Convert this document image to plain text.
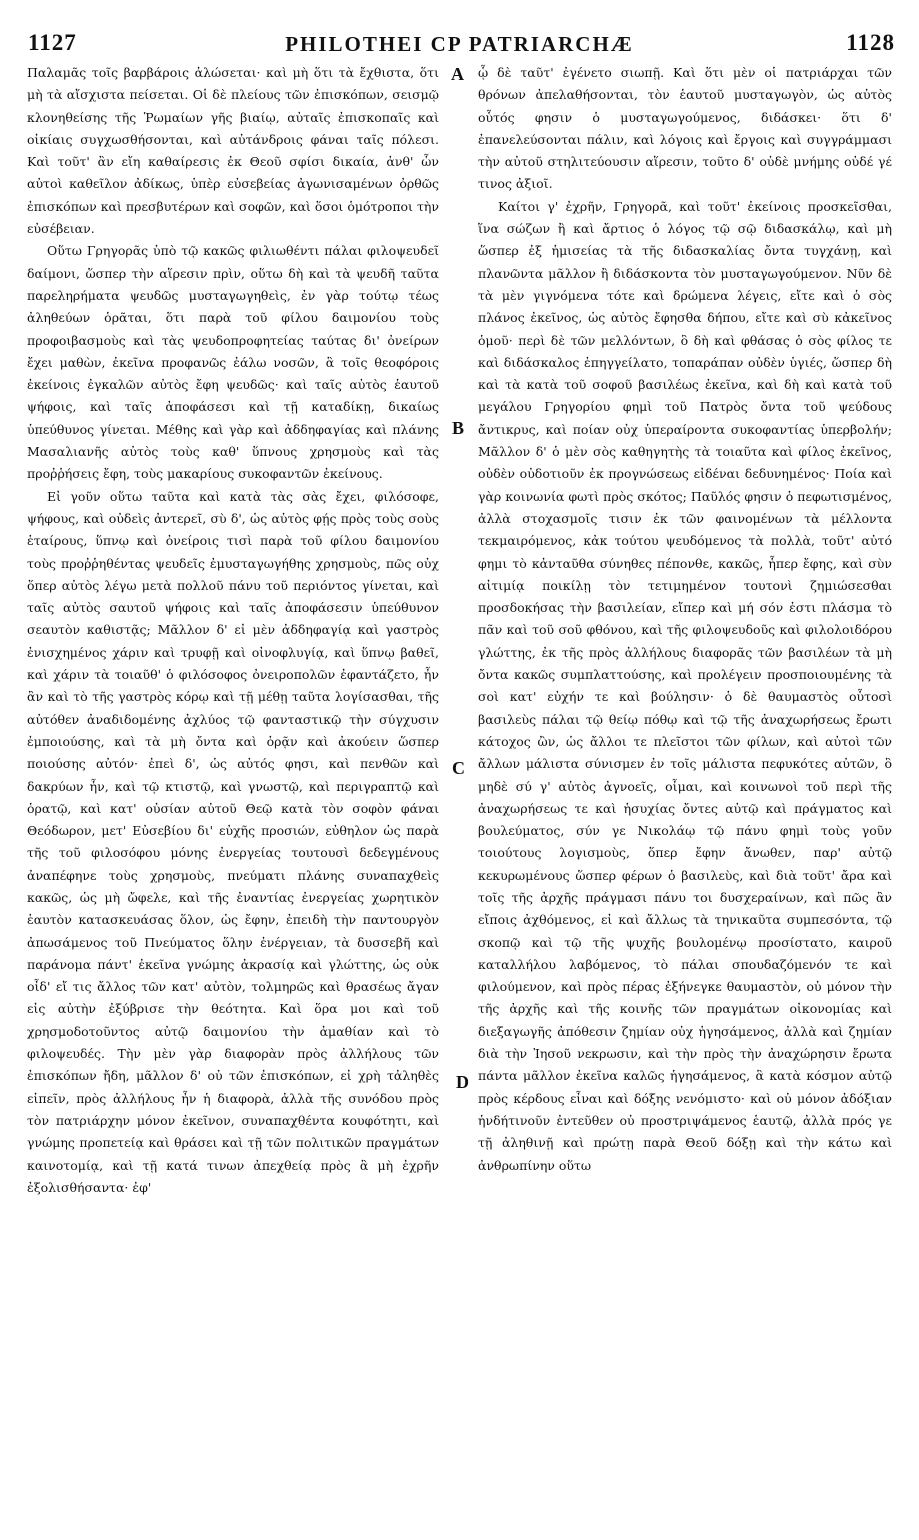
1127	PHILOTHEI CP PATRIARCHÆ	1128

Παλαμᾶς τοῖς βαρβάροις ἁλώσεται· καὶ μὴ ὅτι τὰ ἔχθιστα, ὅτι μὴ τὰ αἴσχιστα πείσεται. Οἱ δὲ πλείους τῶν ἐπισκόπων, σεισμῷ κλονηθείσης τῆς Ῥωμαίων γῆς βιαίῳ, αὐταῖς ἐπισκοπαῖς καὶ οἰκίαις συγχωσθήσονται, καὶ αὐτάνδροις φάναι ταῖς πόλεσι. Καὶ τοῦτ' ἂν εἴη καθαίρεσις ἐκ Θεοῦ σφίσι δικαία, ἀνθ' ὧν αὐτοὶ καθεῖλον ἀδίκως, ὑπὲρ εὐσεβείας ἀγωνισαμένων ὀρθῶς ἐπισκόπων καὶ πρεσβυτέρων καὶ σοφῶν, καὶ ὅσοι ὁμότροποι τὴν εὐσέβειαν.

Οὕτω Γρηγορᾶς ὑπὸ τῷ κακῶς φιλιωθέντι πάλαι φιλοψευδεῖ δαίμονι, ὥσπερ τὴν αἵρεσιν πρὶν, οὕτω δὴ καὶ τὰ ψευδῆ ταῦτα παρεληρήματα ψευδῶς μυσταγωγηθεὶς, ἐν γὰρ τούτῳ τέως ἀληθεύων ὁρᾶται, ὅτι παρὰ τοῦ φίλου δαιμονίου τοὺς προφοιβασμοὺς καὶ τὰς ψευδοπροφητείας ταύτας δι' ὀνείρων ἔχει μαθὼν, ἐκεῖνα προφανῶς ἐάλω νοσῶν, ἃ τοῖς θεοφόροις ἐκείνοις ἐγκαλῶν αὐτὸς ἔφη ψευδῶς· καὶ ταῖς αὐτὸς ἑαυτοῦ ψήφοις, καὶ ταῖς ἀποφάσεσι καὶ τῇ καταδίκῃ, δικαίως ὑπεύθυνος γίνεται. Μέθης καὶ γὰρ καὶ ἀδδηφαγίας καὶ πλάνης Μασαλιανῆς αὐτὸς τοὺς καθ' ὕπνους χρησμοὺς καὶ τὰς προῤῥήσεις ἔφη, τοὺς μακαρίους συκοφαντῶν ἐκείνους.

Εἰ γοῦν οὕτω ταῦτα καὶ κατὰ τὰς σὰς ἔχει, φιλόσοφε, ψήφους, καὶ οὐδεὶς ἀντερεῖ, σὺ δ', ὡς αὐτὸς φῄς πρὸς τοὺς σοὺς ἑταίρους, ὕπνῳ καὶ ὀνείροις τισὶ παρὰ τοῦ φίλου δαιμονίου τοὺς προῤῥηθέντας ψευδεῖς ἐμυσταγωγήθης χρησμοὺς, πῶς οὐχ ὅπερ αὐτὸς λέγω μετὰ πολλοῦ πάνυ τοῦ περιόντος γίνεται, καὶ ταῖς αὐτὸς σαυτοῦ ψήφοις καὶ ταῖς ἀποφάσεσιν ὑπεύθυνον σεαυτὸν καθιστᾷς; Μᾶλλον δ' εἰ μὲν ἀδδηφαγίᾳ καὶ γαστρὸς ἐνισχημένος χάριν καὶ τρυφῇ καὶ οἰνοφλυγίᾳ, καὶ ὕπνῳ βαθεῖ, καὶ χάριν τὰ τοιαῦθ' ὁ φιλόσοφος ὀνειροπολῶν ἐφαντάζετο, ἦν ἂν καὶ τὸ τῆς γαστρὸς κόρῳ καὶ τῇ μέθῃ ταῦτα λογίσασθαι, τῆς αὐτόθεν ἀναδιδομένης ἀχλύος τῷ φανταστικῷ τὴν σύγχυσιν ἐμποιούσης, καὶ τὰ μὴ ὄντα καὶ ὁρᾷν καὶ ἀκούειν ὥσπερ ποιούσης αὐτόν· ἐπεὶ δ', ὡς αὐτός φησι, καὶ πενθῶν καὶ δακρύων ἦν, καὶ τῷ κτιστῷ, καὶ γνωστῷ, καὶ περιγραπτῷ καὶ ὁρατῷ, καὶ κατ' οὐσίαν αὐτοῦ Θεῷ κατὰ τὸν σοφὸν φάναι Θεόδωρον, μετ' Εὐσεβίου δι' εὐχῆς προσιών, εὐθηλον ὡς παρὰ τῆς τοῦ φιλοσόφου μόνης ἐνεργείας τουτουσὶ δεδεγμένους ἀναπέφηνε τοὺς χρησμοὺς, πνεύματι πλάνης συναπαχθεὶς κακῶς, ὡς μὴ ὤφελε, καὶ τῆς ἐναντίας ἐνεργείας χωρητικὸν ἑαυτὸν κατασκευάσας ὅλον, ὡς ἔφην, ἐπειδὴ τὴν παντουργὸν ἀπωσάμενος τοῦ Πνεύματος ὅλην ἐνέργειαν, τὰ δυσσεβῆ καὶ παράνομα πάντ' ἐκεῖνα γνώμης ἀκρασίᾳ καὶ γλώττης, ὡς οὐκ οἶδ' εἴ τις ἄλλος τῶν κατ' αὐτὸν, τολμηρῶς καὶ θρασέως ἄγαν εἰς αὐτὴν ἐξύβρισε τὴν θεότητα. Καὶ ὅρα μοι καὶ τοῦ χρησμοδοτοῦντος αὐτῷ δαιμονίου τὴν ἀμαθίαν καὶ τὸ φιλοψευδές. Τὴν μὲν γὰρ διαφορὰν πρὸς ἀλλήλους τῶν ἐπισκόπων ἤδη, μᾶλλον δ' οὐ τῶν ἐπισκόπων, εἰ χρὴ τἀληθὲς εἰπεῖν, πρὸς ἀλλήλους ἦν ἡ διαφορὰ, ἀλλὰ τῆς συνόδου πρὸς τὸν πατριάρχην μόνον ἐκεῖνον, συναπαχθέντα κουφότητι, καὶ γνώμης προπετείᾳ καὶ θράσει καὶ τῇ τῶν πολιτικῶν πραγμάτων καινοτομίᾳ, καὶ τῇ κατά τινων ἀπεχθείᾳ πρὸς ἃ μὴ ἐχρῆν ἐξολισθήσαντα· ἐφ'

A
B
C
D

ᾧ δὲ ταῦτ' ἐγένετο σιωπῇ. Καὶ ὅτι μὲν οἱ πατριάρχαι τῶν θρόνων ἀπελαθήσονται, τὸν ἑαυτοῦ μυσταγωγὸν, ὡς αὐτὸς οὗτός φησιν ὁ μυσταγωγούμενος, διδάσκει· ὅτι δ' ἐπανελεύσονται πάλιν, καὶ λόγοις καὶ ἔργοις καὶ συγγράμμασι τὴν αὐτοῦ στηλιτεύουσιν αἵρεσιν, τοῦτο δ' οὐδὲ μνήμης οὐδέ γέ τινος ἀξιοῖ.

Καίτοι γ' ἐχρῆν, Γρηγορᾶ, καὶ τοῦτ' ἐκείνοις προσκεῖσθαι, ἵνα σώζων ἢ καὶ ἄρτιος ὁ λόγος τῷ σῷ διδασκάλῳ, καὶ μὴ ὥσπερ ἐξ ἡμισείας τὰ τῆς διδασκαλίας ὄντα τυγχάνῃ, καὶ πλανῶντα μᾶλλον ἢ διδάσκοντα τὸν μυσταγωγούμενον. Νῦν δὲ τὰ μὲν γιγνόμενα τότε καὶ δρώμενα λέγεις, εἴτε καὶ ὁ σὸς πλάνος ἐκεῖνος, ὡς αὐτὸς ἔφησθα δήπου, εἴτε καὶ σὺ κἀκεῖνος ὁμοῦ· περὶ δὲ τῶν μελλόντων, ὃ δὴ καὶ φθάσας ὁ σὸς φίλος τε καὶ διδάσκαλος ἐπηγγείλατο, τοπαράπαν οὐδὲν ὑγιές, ὥσπερ δὴ καὶ τὰ κατὰ τοῦ σοφοῦ βασιλέως ἐκεῖνα, καὶ δὴ καὶ κατὰ τοῦ μεγάλου Γρηγορίου φημὶ τοῦ Πατρὸς ὄντα τοῦ ψεύδους ἄντικρυς, καὶ ποίαν οὐχ ὑπεραίροντα συκοφαντίας ὑπερβολήν; Μᾶλλον δ' ὁ μὲν σὸς καθηγητὴς τὰ τοιαῦτα καὶ φίλος ἐκεῖνος, οὐδὲν οὐδοτιοῦν ἐκ προγνώσεως εἰδέναι δεδυνημένος· Ποία καὶ γὰρ κοινωνία φωτὶ πρὸς σκότος; Παῦλός φησιν ὁ πεφωτισμένος, ἀλλὰ στοχασμοῖς τισιν ἐκ τῶν φαινομένων τὰ μέλλοντα τεκμαιρόμενος, κἀκ τούτου ψευδόμενος τὰ πολλὰ, τοῦτ' αὐτό φημι τὸ κἀνταῦθα σύνηθες πέπονθε, κακῶς, ἧπερ ἔφης, καὶ σὺν αἰτιμίᾳ ποικίλῃ τὸν τετιμημένον τουτονὶ ζημιώσεσθαι προσδοκήσας τὴν βασιλείαν, εἴπερ καὶ μή σόν ἐστι πλάσμα τὸ πᾶν καὶ τοῦ σοῦ φθόνου, καὶ τῆς φιλοψευδοῦς καὶ φιλολοιδόρου γλώττης, ἐκ τῆς πρὸς ἀλλήλους διαφορᾶς τῶν βασιλέων τὰ μὴ ὄντα κακῶς συμπλαττούσης, καὶ προλέγειν προσποιουμένης τὰ σοὶ κατ' εὐχήν τε καὶ βούλησιν· ὁ δὲ θαυμαστὸς οὗτοσὶ βασιλεὺς πάλαι τῷ θείῳ πόθῳ καὶ τῷ τῆς ἀναχωρήσεως ἔρωτι κάτοχος ὢν, ὡς ἄλλοι τε πλεῖστοι τῶν φίλων, καὶ αὐτοὶ τῶν ἄλλων μάλιστα σύνισμεν ἐν τοῖς μάλιστα πεφυκότες αὐτῶν, ὃ μηδὲ σύ γ' αὐτὸς ἀγνοεῖς, οἶμαι, καὶ κοινωνοὶ τοῦ περὶ τῆς ἀναχωρήσεως τε καὶ ἡσυχίας ὄντες αὐτῷ καὶ πράγματος καὶ βουλεύματος, σύν γε Νικολάῳ τῷ πάνυ φημὶ τοὺς γοῦν τοιούτους λογισμοὺς, ὅπερ ἔφην ἄνωθεν, παρ' αὐτῷ κεκυρωμένους ὥσπερ φέρων ὁ βασιλεὺς, καὶ διὰ τοῦτ' ἄρα καὶ τοῖς τῆς ἀρχῆς πράγμασι πάνυ τοι δυσχεραίνων, καὶ πῶς ἂν εἴποις ἀχθόμενος, εἰ καὶ ἄλλως τὰ τηνικαῦτα συμπεσόντα, τῷ σκοπῷ καὶ τῷ τῆς ψυχῆς βουλομένῳ προσίστατο, καιροῦ καταλλήλου λαβόμενος, τὸ πάλαι σπουδαζόμενόν τε καὶ φιλούμενον, καὶ πρὸς πέρας ἐξήνεγκε θαυμαστὸν, οὐ μόνον τὴν τῆς ἀρχῆς καὶ τῆς κοινῆς τῶν πραγμάτων οἰκονομίας καὶ διεξαγωγῆς ἀπόθεσιν ζημίαν οὐχ ἡγησάμενος, ἀλλὰ καὶ ζημίαν διὰ τὴν Ἰησοῦ νεκρωσιν, καὶ τὴν πρὸς τὴν ἀναχώρησιν ἔρωτα πάντα μᾶλλον ἐκεῖνα καλῶς ἡγησάμενος, ἃ κατὰ κόσμον αὐτῷ πρὸς κέρδους εἶναι καὶ δόξης νενόμιστο· καὶ οὐ μόνον ἀδόξιαν ἡνδήτινοῦν ἐντεῦθεν οὐ προστριψάμενος ἑαυτῷ, ἀλλὰ πρός γε τῇ ἀληθινῇ καὶ πρώτῃ παρὰ Θεοῦ δόξῃ καὶ τὴν κάτω καὶ ἀνθρωπίνην οὕτω
